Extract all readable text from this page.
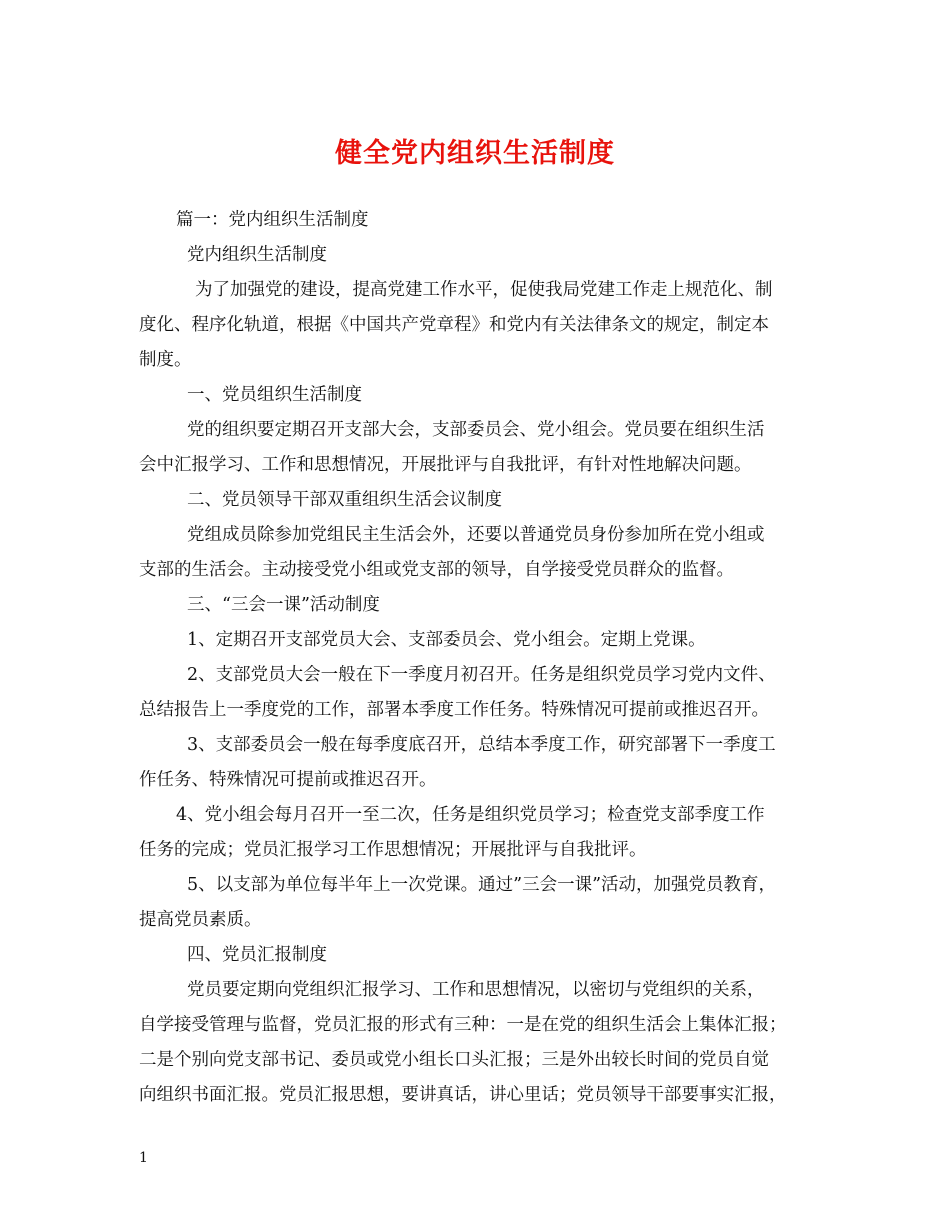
健全党内组织生活制度
篇一：党内组织生活制度
党内组织生活制度
为了加强党的建设，提高党建工作水平，促使我局党建工作走上规范化、制
度化、程序化轨道，根据《中国共产党章程》和党内有关法律条文的规定，制定本
制度。
一、党员组织生活制度
党的组织要定期召开支部大会，支部委员会、党小组会。党员要在组织生活
会中汇报学习、工作和思想情况，开展批评与自我批评，有针对性地解决问题。
二、党员领导干部双重组织生活会议制度
党组成员除参加党组民主生活会外，还要以普通党员身份参加所在党小组或
支部的生活会。主动接受党小组或党支部的领导，自学接受党员群众的监督。
三、“三会一课”活动制度
1、定期召开支部党员大会、支部委员会、党小组会。定期上党课。
2、支部党员大会一般在下一季度月初召开。任务是组织党员学习党内文件、
总结报告上一季度党的工作，部署本季度工作任务。特殊情况可提前或推迟召开。
3、支部委员会一般在每季度底召开，总结本季度工作，研究部署下一季度工
作任务、特殊情况可提前或推迟召开。
4、党小组会每月召开一至二次，任务是组织党员学习；检查党支部季度工作
任务的完成；党员汇报学习工作思想情况；开展批评与自我批评。
5、以支部为单位每半年上一次党课。通过”三会一课”活动，加强党员教育，
提高党员素质。
四、党员汇报制度
党员要定期向党组织汇报学习、工作和思想情况，以密切与党组织的关系，
自学接受管理与监督，党员汇报的形式有三种：一是在党的组织生活会上集体汇报；
二是个别向党支部书记、委员或党小组长口头汇报；三是外出较长时间的党员自觉
向组织书面汇报。党员汇报思想，要讲真话，讲心里话；党员领导干部要事实汇报，
1
